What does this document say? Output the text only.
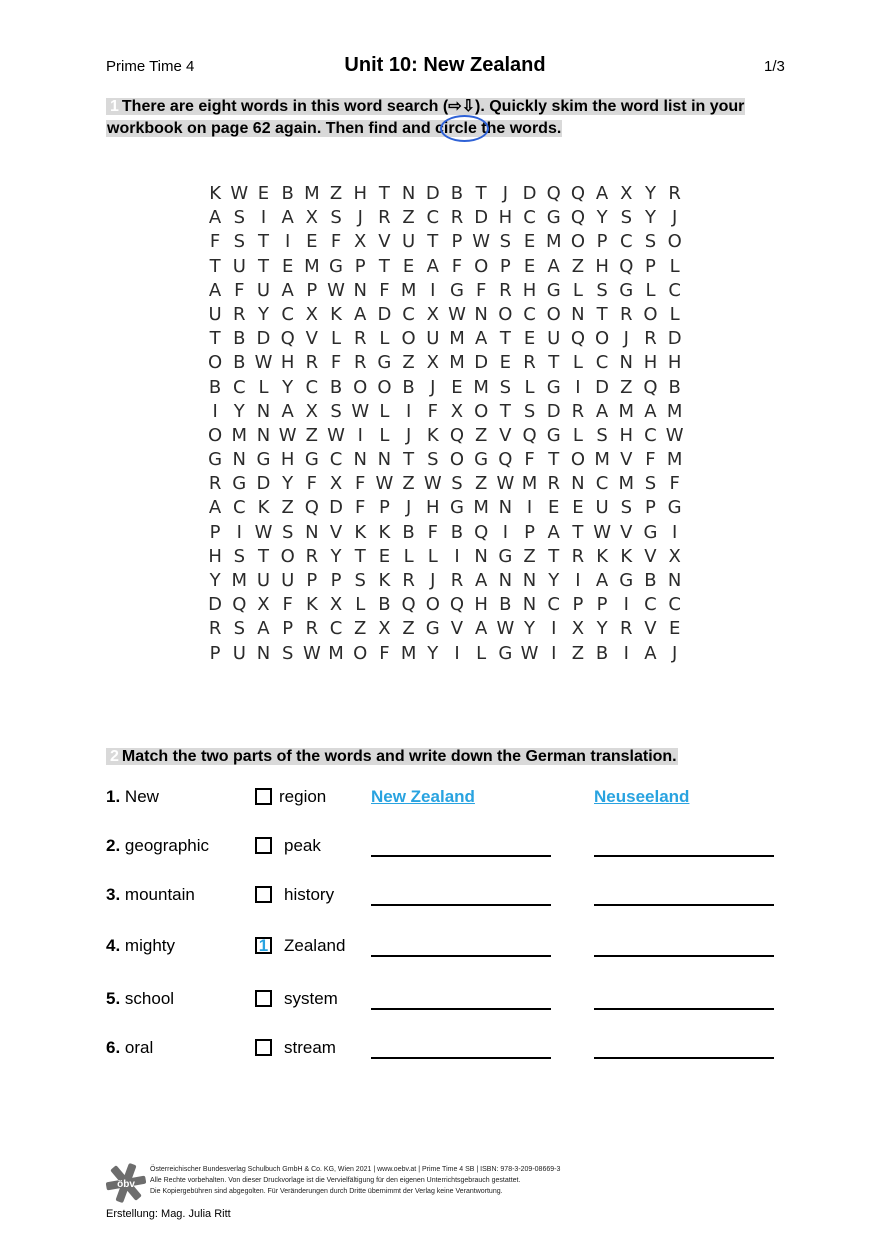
Prime Time 4	Unit 10: New Zealand	1/3
1 There are eight words in this word search (⇨⇩). Quickly skim the word list in your
workbook on page 62 again. Then find and circle the words.
K W E B M Z H T N D B T J D Q Q A X Y R
A S I A X S J R Z C R D H C G Q Y S Y J
F S T I E F X V U T P W S E M O P C S O
T U T E M G P T E A F O P E A Z H Q P L
A F U A P W N F M I G F R H G L S G L C
U R Y C X K A D C X W N O C O N T R O L
T B D Q V L R L O U M A T E U Q O J R D
O B W H R F R G Z X M D E R T L C N H H
B C L Y C B O O B J E M S L G I D Z Q B
I Y N A X S W L I F X O T S D R A M A M
O M N W Z W I L J K Q Z V Q G L S H C W
G N G H G C N N T S O G Q F T O M V F M
R G D Y F X F W Z W S Z W M R N C M S F
A C K Z Q D F P J H G M N I E E U S P G
P I W S N V K K B F B Q I P A T W V G I
H S T O R Y T E L L I N G Z T R K K V X
Y M U U P P S K R J R A N N Y I A G B N
D Q X F K X L B Q O Q H B N C P P I C C
R S A P R C Z X Z G V A W Y I X Y R V E
P U N S W M O F M Y I L G W I Z B I A J
2 Match the two parts of the words and write down the German translation.
1. New	region	New Zealand	Neuseeland
2. geographic	peak
3. mountain	history
4. mighty	1 Zealand
5. school	system
6. oral	stream
öbv
Österreichischer Bundesverlag Schulbuch GmbH & Co. KG, Wien 2021 | www.oebv.at | Prime Time 4 SB | ISBN: 978-3-209-08669-3
Alle Rechte vorbehalten. Von dieser Druckvorlage ist die Vervielfältigung für den eigenen Unterrichtsgebrauch gestattet.
Die Kopiergebühren sind abgegolten. Für Veränderungen durch Dritte übernimmt der Verlag keine Verantwortung.
Erstellung: Mag. Julia Ritt
